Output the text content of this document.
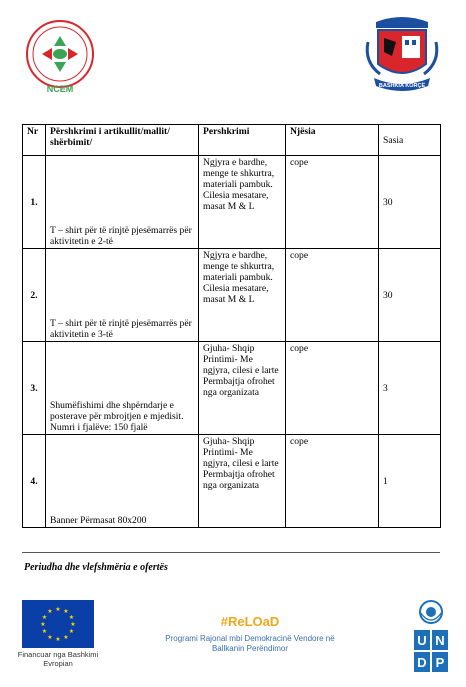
NCEM	BASHKIA KORÇË
Nr	Përshkrimi i artikullit/mallit/ shërbimit/	Pershkrimi	Njësia	Sasia
1.	T – shirt për të rinjtë pjesëmarrës për aktivitetin e 2-të	Ngjyra e bardhe, menge te shkurtra, materiali pambuk. Cilesia mesatare, masat M & L	cope	30
2.	T – shirt për të rinjtë pjesëmarrës për aktivitetin e 3-të	Ngjyra e bardhe, menge te shkurtra, materiali pambuk. Cilesia mesatare, masat M & L	cope	30
3.	Shumëfishimi dhe shpërndarje e posterave për mbrojtjen e mjedisit. Numri i fjalëve: 150 fjalë	Gjuha- Shqip Printimi- Me ngjyra, cilesi e larte Permbajtja ofrohet nga organizata	cope	3
4.	Banner Përmasat 80x200	Gjuha- Shqip Printimi- Me ngjyra, cilesi e larte Permbajtja ofrohet nga organizata	cope	1
Periudha dhe vlefshmëria e ofertës
★ ★
★
★
★
★
★
★
★
★
★
★
Financuar nga Bashkimi Evropian
#ReLOaD
Programi Rajonal mbi Demokracinë Vendore në Ballkanin Perëndimor
U N
D P
